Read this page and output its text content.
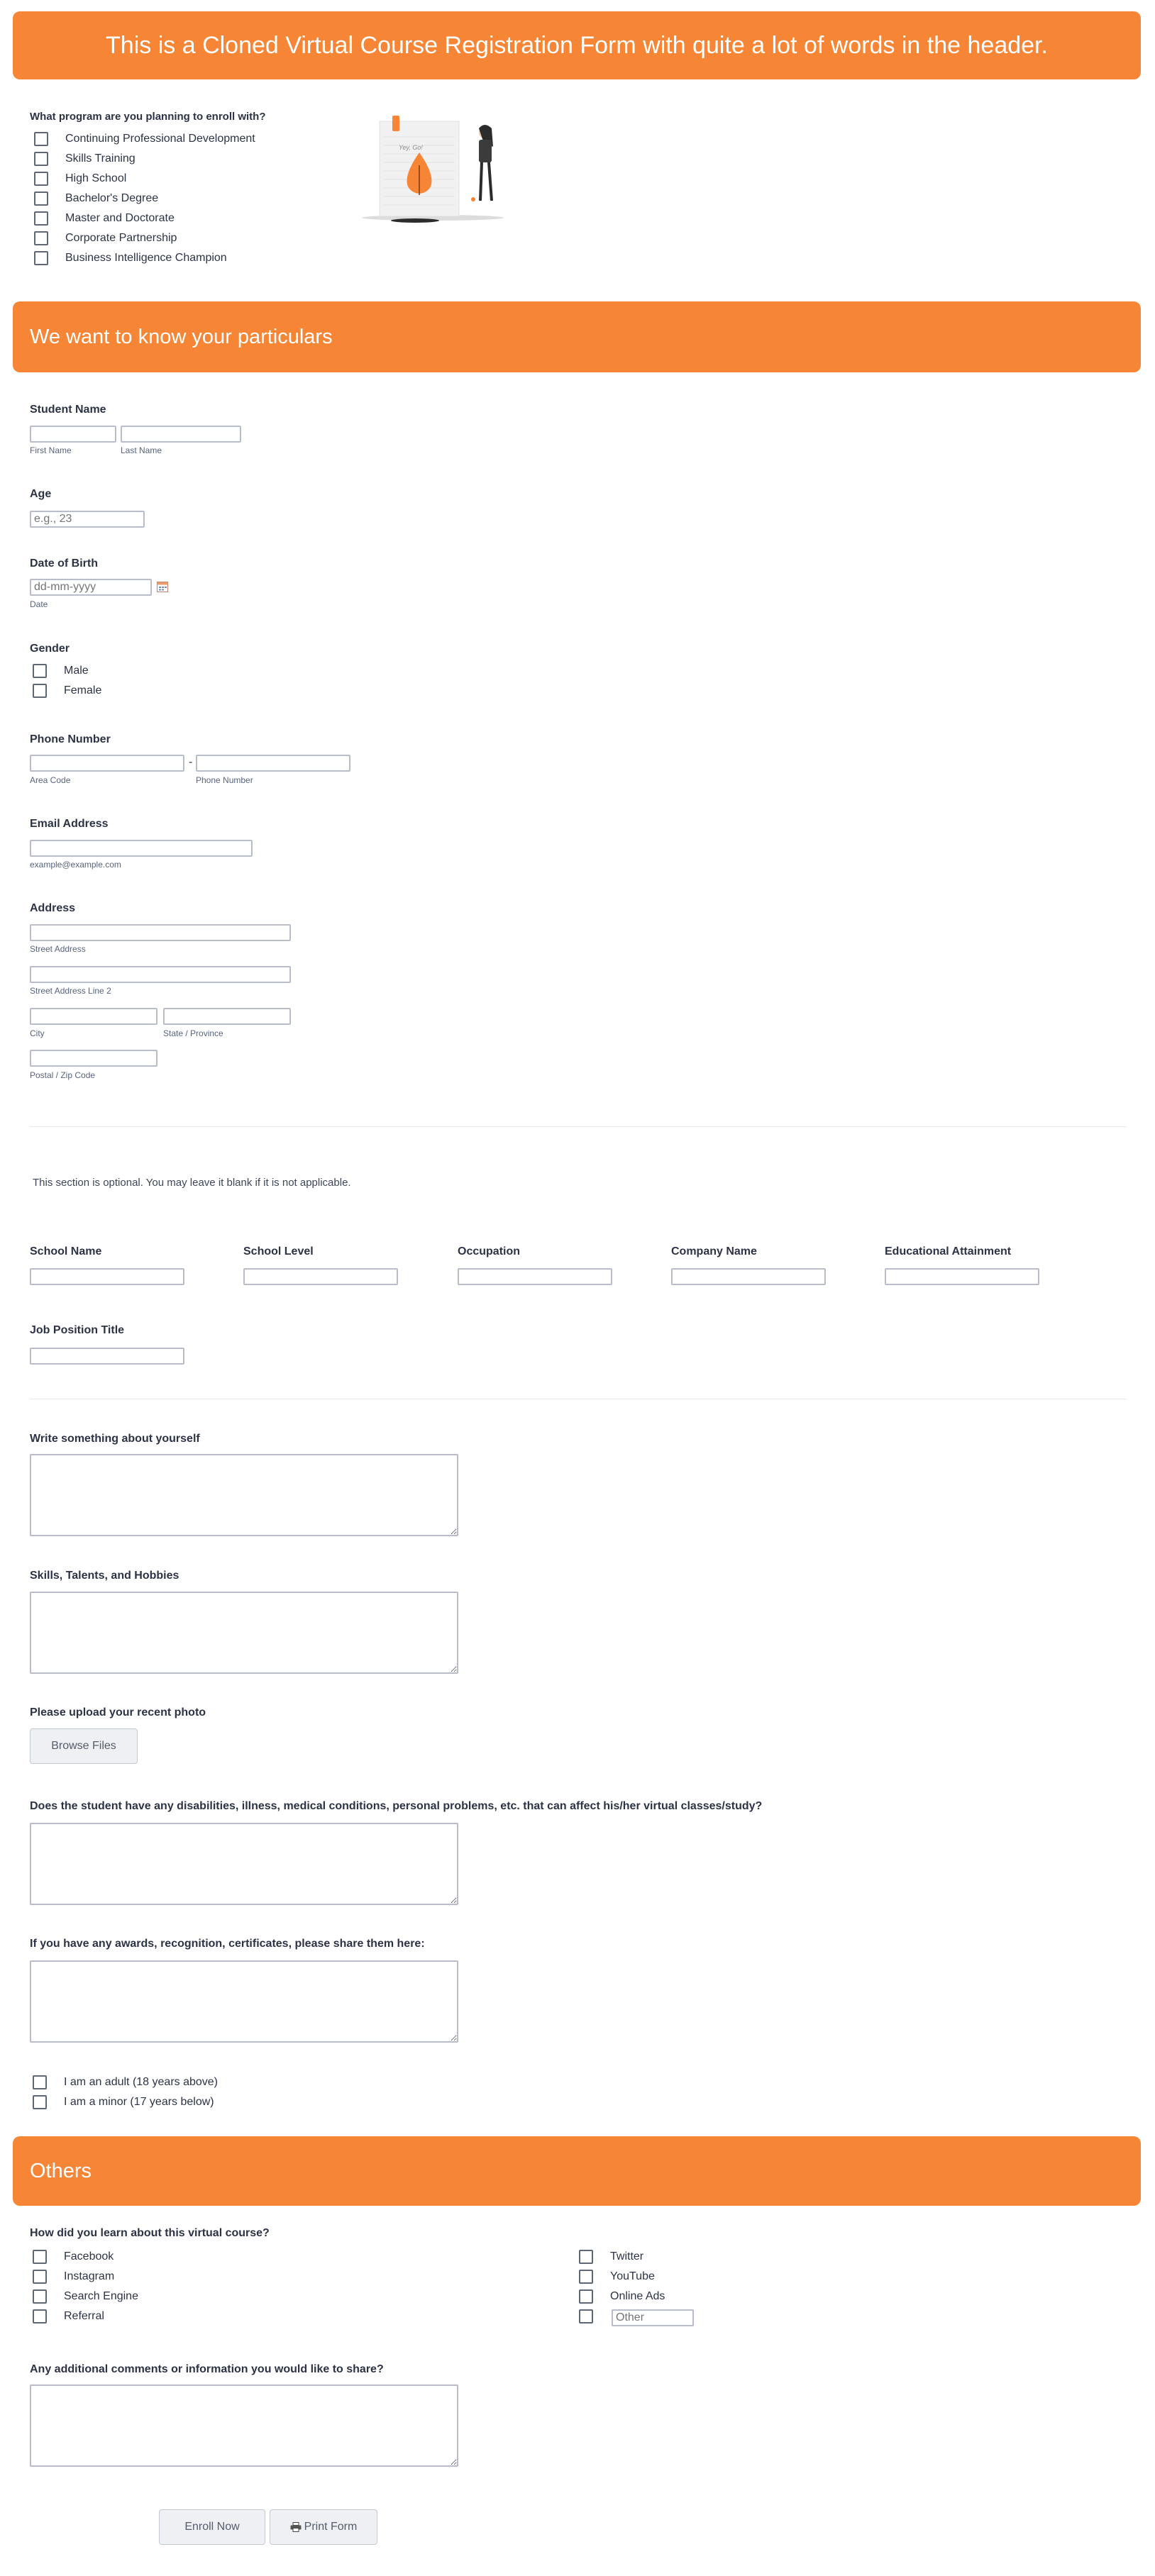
This is a Cloned Virtual Course Registration Form with quite a lot of words in the header.
What program are you planning to enroll with?
Continuing Professional Development
Skills Training
High School
Bachelor's Degree
Master and Doctorate
Corporate Partnership
Business Intelligence Champion
Yey, Go!
We want to know your particulars
Student Name
First Name	Last Name
Age
e.g., 23
Date of Birth
dd-mm-yyyy
Date
Gender
Male
Female
Phone Number
-
Area Code	Phone Number
Email Address
example@example.com
Address
Street Address
Street Address Line 2
City	State / Province
Postal / Zip Code
This section is optional. You may leave it blank if it is not applicable.
School Name	School Level	Occupation	Company Name	Educational Attainment
Job Position Title
Write something about yourself
Skills, Talents, and Hobbies
Please upload your recent photo
Browse Files
Does the student have any disabilities, illness, medical conditions, personal problems, etc. that can affect his/her virtual classes/study?
If you have any awards, recognition, certificates, please share them here:
I am an adult (18 years above)
I am a minor (17 years below)
Others
How did you learn about this virtual course?
Facebook
Instagram
Search Engine
Referral
Twitter
YouTube
Online Ads
Other
Any additional comments or information you would like to share?
Enroll Now	Print Form
